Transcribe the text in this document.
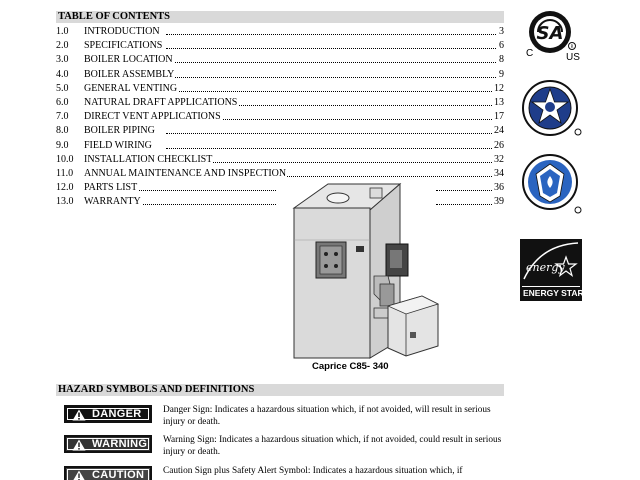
TABLE OF CONTENTS
1.0	INTRODUCTION	3
2.0	SPECIFICATIONS	6
3.0	BOILER LOCATION	8
4.0	BOILER ASSEMBLY	9
5.0	GENERAL VENTING	12
6.0	NATURAL DRAFT APPLICATIONS	13
7.0	DIRECT VENT APPLICATIONS	17
8.0	BOILER PIPING	24
9.0	FIELD WIRING	26
10.0	INSTALLATION CHECKLIST	32
11.0	ANNUAL MAINTENANCE AND INSPECTION	34
12.0	PARTS LIST	36
13.0	WARRANTY	39
SA
R
C	US
energy
ENERGY STAR
Caprice C85- 340
HAZARD SYMBOLS AND DEFINITIONS
DANGER Danger Sign: Indicates a hazardous situation which, if not avoided, will result in serious injury or death.
WARNING Warning Sign: Indicates a hazardous situation which, if not avoided, could result in serious injury or death.
CAUTION Caution Sign plus Safety Alert Symbol: Indicates a hazardous situation which, if
